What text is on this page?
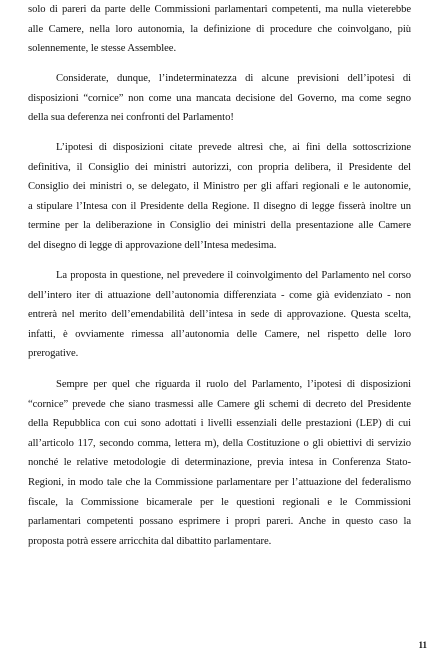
solo di pareri da parte delle Commissioni parlamentari competenti, ma nulla vieterebbe
alle Camere, nella loro autonomia, la definizione di procedure che coinvolgano, più
solennemente, le stesse Assemblee.
Considerate, dunque, l’indeterminatezza di alcune previsioni dell’ipotesi di
disposizioni “cornice” non come una mancata decisione del Governo, ma come segno
della sua deferenza nei confronti del Parlamento!
L’ipotesi di disposizioni citate prevede altresì che, ai fini della sottoscrizione
definitiva, il Consiglio dei ministri autorizzi, con propria delibera, il Presidente del
Consiglio dei ministri o, se delegato, il Ministro per gli affari regionali e le autonomie,
a stipulare l’Intesa con il Presidente della Regione. Il disegno di legge fisserà inoltre un
termine per la deliberazione in Consiglio dei ministri della presentazione alle Camere
del disegno di legge di approvazione dell’Intesa medesima.
La proposta in questione, nel prevedere il coinvolgimento del Parlamento nel corso
dell’intero iter di attuazione dell’autonomia differenziata - come già evidenziato - non
entrerà nel merito dell’emendabilità dell’intesa in sede di approvazione. Questa scelta,
infatti, è ovviamente rimessa all’autonomia delle Camere, nel rispetto delle loro
prerogative.
Sempre per quel che riguarda il ruolo del Parlamento, l’ipotesi di disposizioni
“cornice” prevede che siano trasmessi alle Camere gli schemi di decreto del Presidente
della Repubblica con cui sono adottati i livelli essenziali delle prestazioni (LEP) di cui
all’articolo 117, secondo comma, lettera m), della Costituzione o gli obiettivi di servizio
nonché le relative metodologie di determinazione, previa intesa in Conferenza Stato-
Regioni, in modo tale che la Commissione parlamentare per l’attuazione del federalismo
fiscale, la Commissione bicamerale per le questioni regionali e le Commissioni
parlamentari competenti possano esprimere i propri pareri. Anche in questo caso la
proposta potrà essere arricchita dal dibattito parlamentare.
11
